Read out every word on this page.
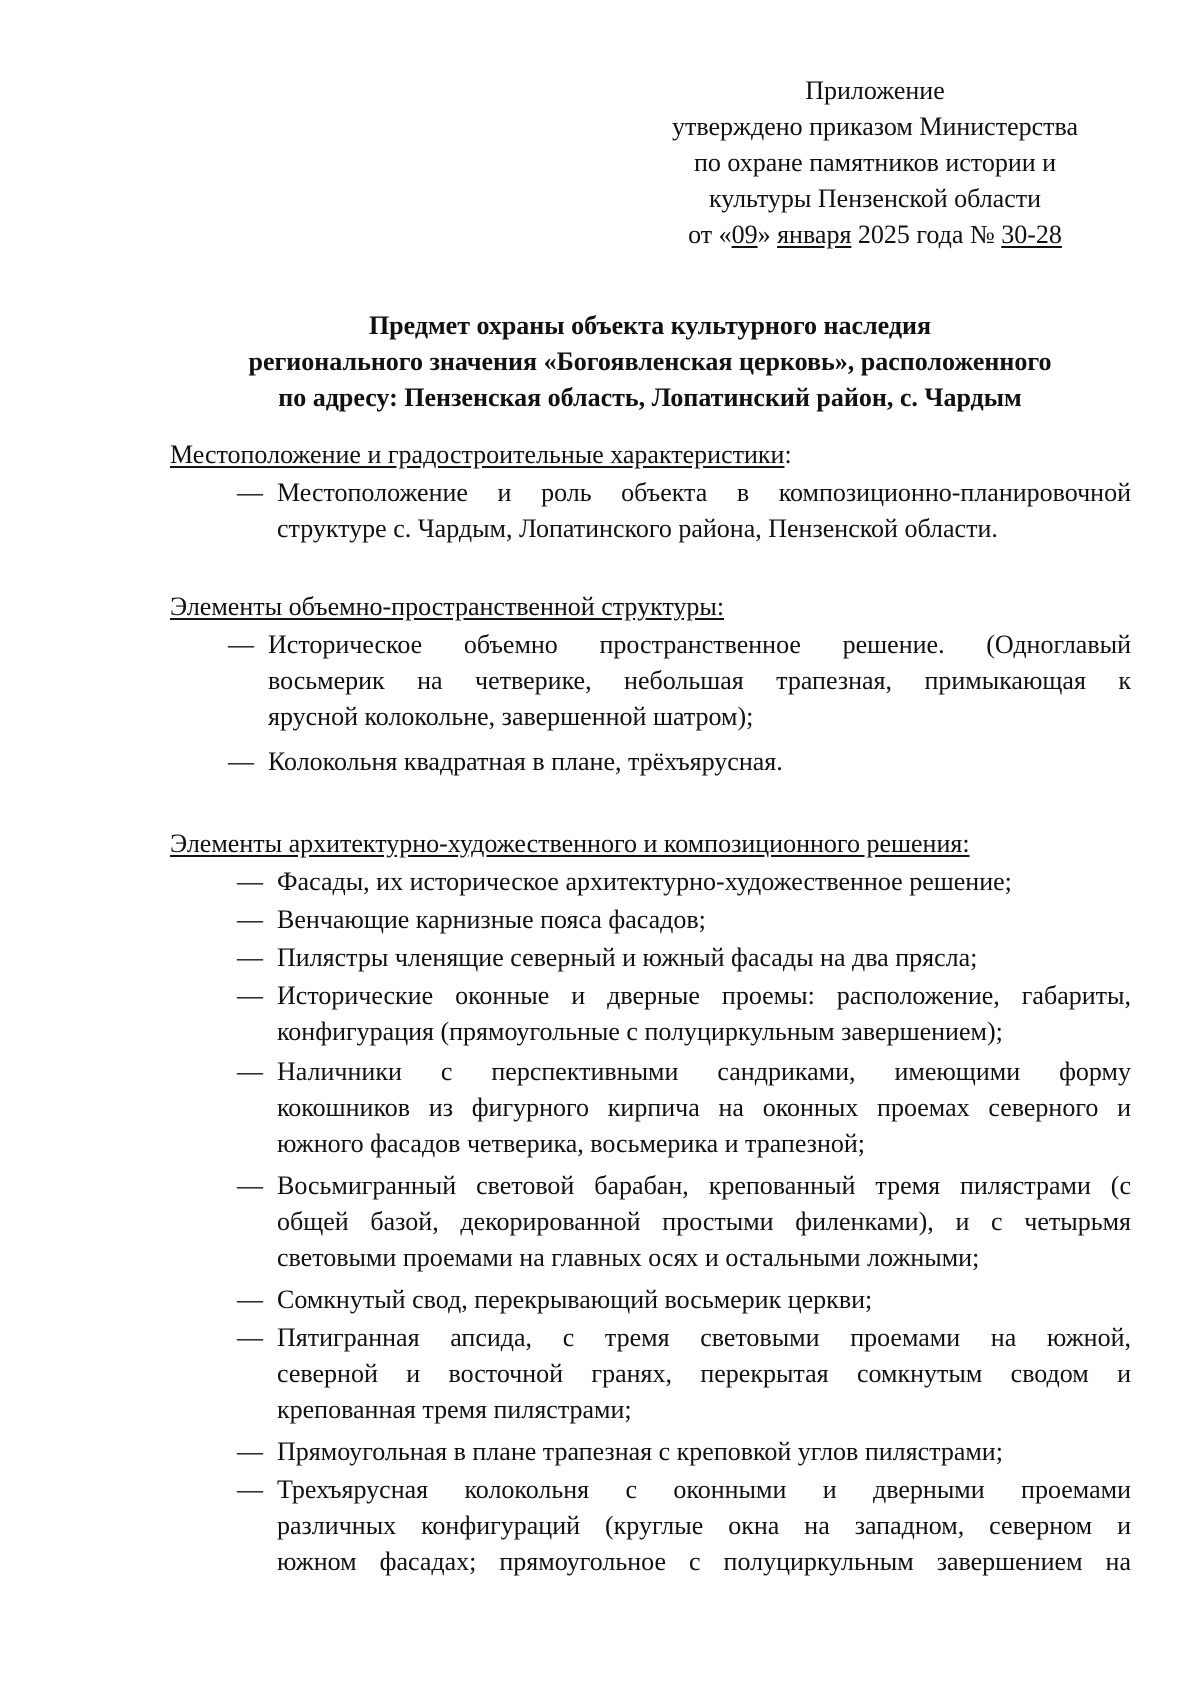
Приложение
утверждено приказом Министерства
по охране памятников истории и
культуры Пензенской области
от «09» января 2025 года № 30-28
Предмет охраны объекта культурного наследия
регионального значения «Богоявленская церковь», расположенного
по адресу: Пензенская область, Лопатинский район, с. Чардым
Местоположение и градостроительные характеристики:
— Местоположение и роль объекта в композиционно-планировочной
структуре с. Чардым, Лопатинского района, Пензенской области.
Элементы объемно-пространственной структуры:
— Историческое объемно пространственное решение. (Одноглавый
восьмерик на четверике, небольшая трапезная, примыкающая к
ярусной колокольне, завершенной шатром);
— Колокольня квадратная в плане, трёхъярусная.
Элементы архитектурно-художественного и композиционного решения:
— Фасады, их историческое архитектурно-художественное решение;
— Венчающие карнизные пояса фасадов;
— Пилястры членящие северный и южный фасады на два прясла;
— Исторические оконные и дверные проемы: расположение, габариты,
конфигурация (прямоугольные с полуциркульным завершением);
— Наличники с перспективными сандриками, имеющими форму
кокошников из фигурного кирпича на оконных проемах северного и
южного фасадов четверика, восьмерика и трапезной;
— Восьмигранный световой барабан, крепованный тремя пилястрами (с
общей базой, декорированной простыми филенками), и с четырьмя
световыми проемами на главных осях и остальными ложными;
— Сомкнутый свод, перекрывающий восьмерик церкви;
— Пятигранная апсида, с тремя световыми проемами на южной,
северной и восточной гранях, перекрытая сомкнутым сводом и
крепованная тремя пилястрами;
— Прямоугольная в плане трапезная с креповкой углов пилястрами;
— Трехъярусная колокольня с оконными и дверными проемами
различных конфигураций (круглые окна на западном, северном и
южном фасадах; прямоугольное с полуциркульным завершением на
